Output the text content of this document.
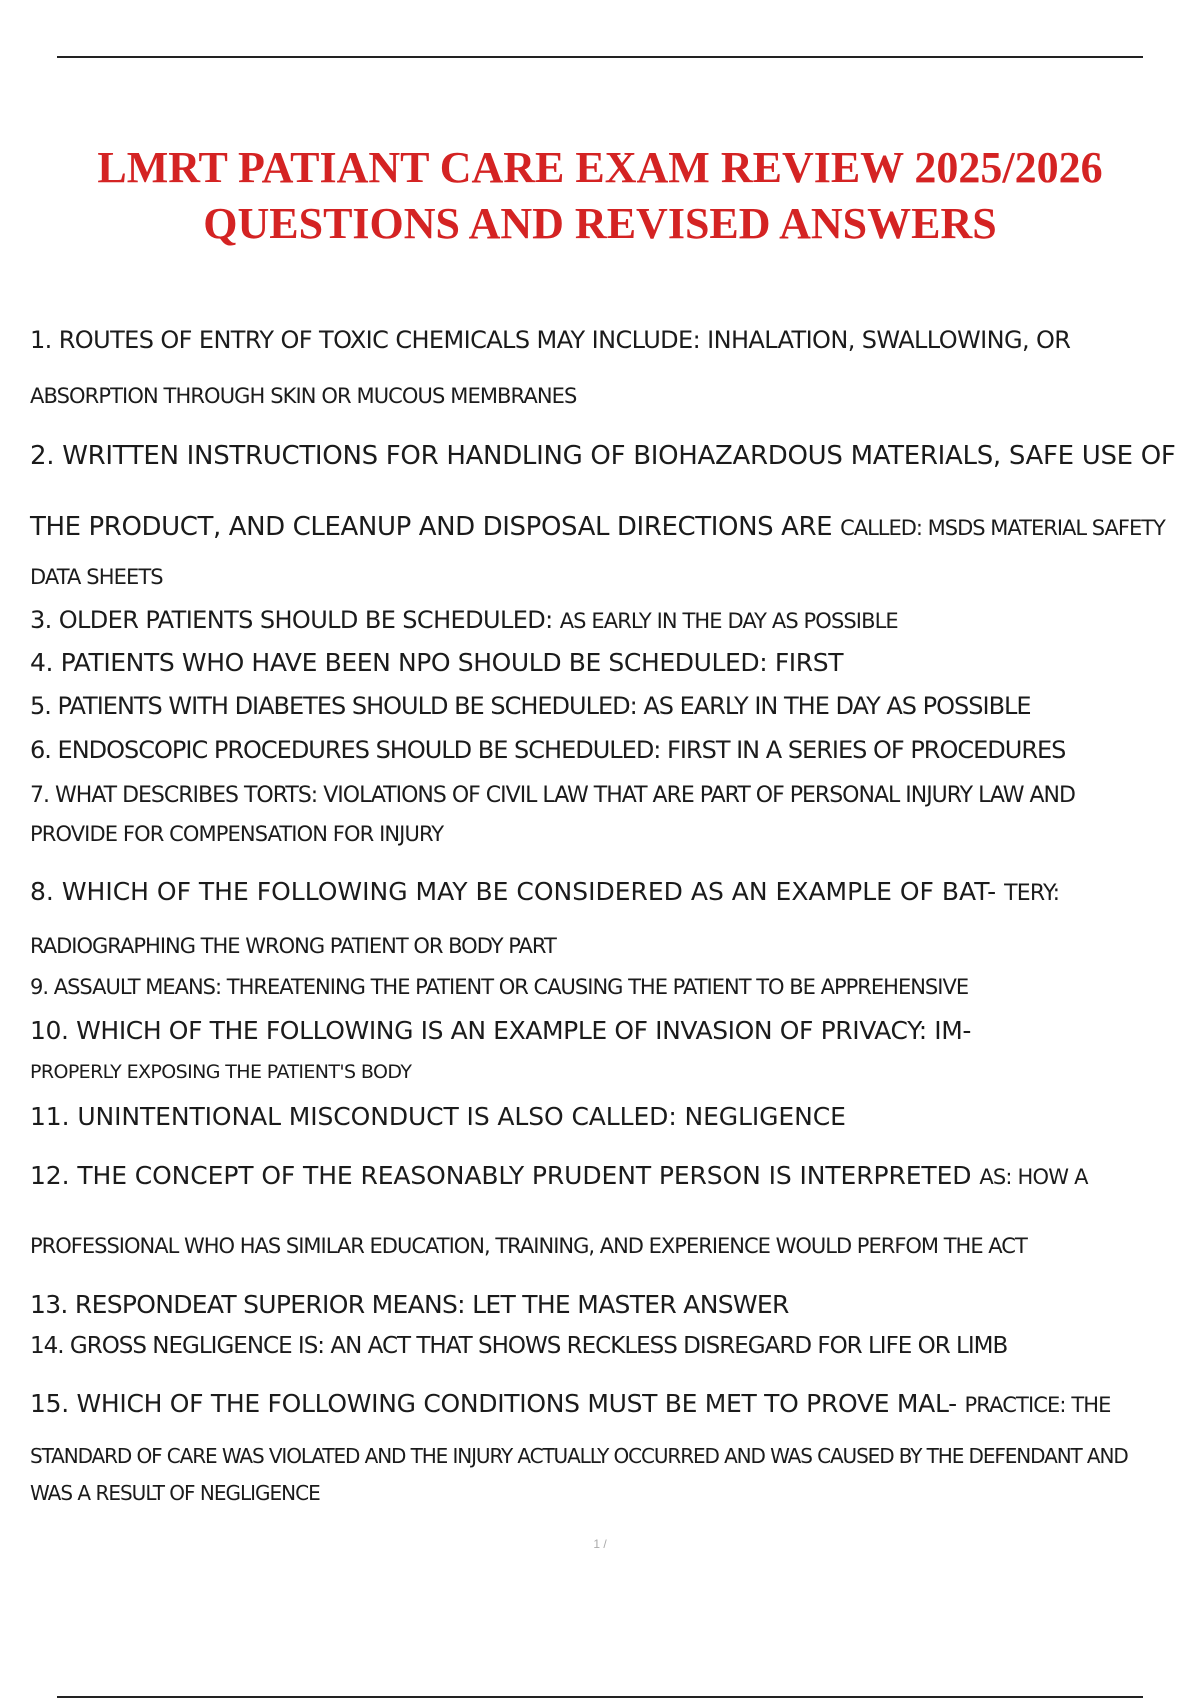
LMRT PATIANT CARE EXAM REVIEW 2025/2026
QUESTIONS AND REVISED ANSWERS

1. ROUTES OF ENTRY OF TOXIC CHEMICALS MAY INCLUDE: INHALATION, SWALLOWING, OR

ABSORPTION THROUGH SKIN OR MUCOUS MEMBRANES

2. WRITTEN INSTRUCTIONS FOR HANDLING OF BIOHAZARDOUS MATERIALS, SAFE USE OF

THE PRODUCT, AND CLEANUP AND DISPOSAL DIRECTIONS ARE CALLED: MSDS MATERIAL SAFETY

DATA SHEETS

3. OLDER PATIENTS SHOULD BE SCHEDULED: AS EARLY IN THE DAY AS POSSIBLE

4. PATIENTS WHO HAVE BEEN NPO SHOULD BE SCHEDULED: FIRST

5. PATIENTS WITH DIABETES SHOULD BE SCHEDULED: AS EARLY IN THE DAY AS POSSIBLE

6. ENDOSCOPIC PROCEDURES SHOULD BE SCHEDULED: FIRST IN A SERIES OF PROCEDURES

7. WHAT DESCRIBES TORTS: VIOLATIONS OF CIVIL LAW THAT ARE PART OF PERSONAL INJURY LAW AND

PROVIDE FOR COMPENSATION FOR INJURY

8. WHICH OF THE FOLLOWING MAY BE CONSIDERED AS AN EXAMPLE OF BAT- TERY:

RADIOGRAPHING THE WRONG PATIENT OR BODY PART

9. ASSAULT MEANS: THREATENING THE PATIENT OR CAUSING THE PATIENT TO BE APPREHENSIVE

10. WHICH OF THE FOLLOWING IS AN EXAMPLE OF INVASION OF PRIVACY: IM-

PROPERLY EXPOSING THE PATIENT'S BODY

11. UNINTENTIONAL MISCONDUCT IS ALSO CALLED: NEGLIGENCE

12. THE CONCEPT OF THE REASONABLY PRUDENT PERSON IS INTERPRETED AS: HOW A

PROFESSIONAL WHO HAS SIMILAR EDUCATION, TRAINING, AND EXPERIENCE WOULD PERFOM THE ACT

13. RESPONDEAT SUPERIOR MEANS: LET THE MASTER ANSWER

14. GROSS NEGLIGENCE IS: AN ACT THAT SHOWS RECKLESS DISREGARD FOR LIFE OR LIMB

15. WHICH OF THE FOLLOWING CONDITIONS MUST BE MET TO PROVE MAL- PRACTICE: THE

STANDARD OF CARE WAS VIOLATED AND THE INJURY ACTUALLY OCCURRED AND WAS CAUSED BY THE DEFENDANT AND

WAS A RESULT OF NEGLIGENCE

1 /
